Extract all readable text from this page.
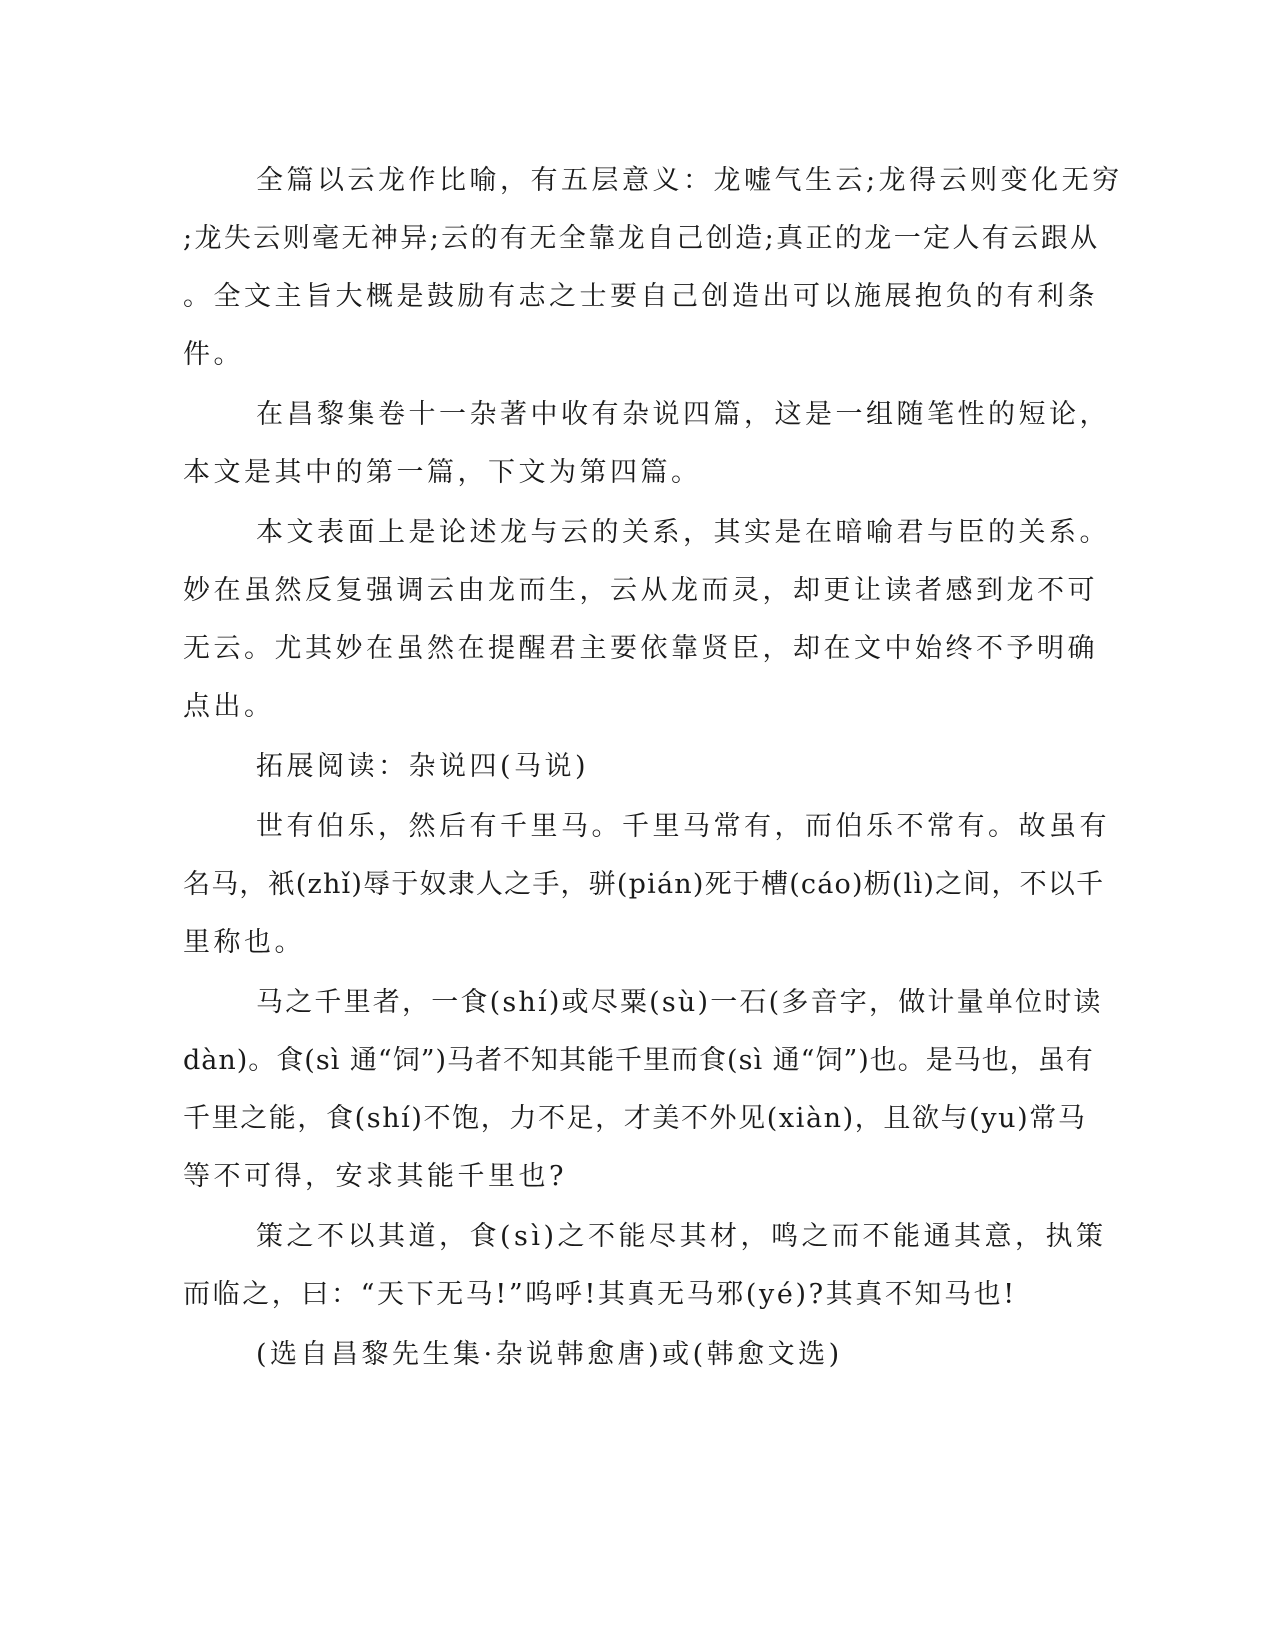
全篇以云龙作比喻，有五层意义：龙嘘气生云;龙得云则变化无穷
;龙失云则毫无神异;云的有无全靠龙自己创造;真正的龙一定人有云跟从
。全文主旨大概是鼓励有志之士要自己创造出可以施展抱负的有利条
件。
在昌黎集卷十一杂著中收有杂说四篇，这是一组随笔性的短论，
本文是其中的第一篇，下文为第四篇。
本文表面上是论述龙与云的关系，其实是在暗喻君与臣的关系。
妙在虽然反复强调云由龙而生，云从龙而灵，却更让读者感到龙不可
无云。尤其妙在虽然在提醒君主要依靠贤臣，却在文中始终不予明确
点出。
拓展阅读：杂说四(马说)
世有伯乐，然后有千里马。千里马常有，而伯乐不常有。故虽有
名马，衹(zhǐ)辱于奴隶人之手，骈(pián)死于槽(cáo)枥(lì)之间，不以千
里称也。
马之千里者，一食(shí)或尽粟(sù)一石(多音字，做计量单位时读
dàn)。食(sì 通“饲”)马者不知其能千里而食(sì 通“饲”)也。是马也，虽有
千里之能，食(shí)不饱，力不足，才美不外见(xiàn)，且欲与(yu)常马
等不可得，安求其能千里也?
策之不以其道，食(sì)之不能尽其材，鸣之而不能通其意，执策
而临之，曰：“天下无马!”呜呼!其真无马邪(yé)?其真不知马也!
(选自昌黎先生集·杂说韩愈唐)或(韩愈文选)
